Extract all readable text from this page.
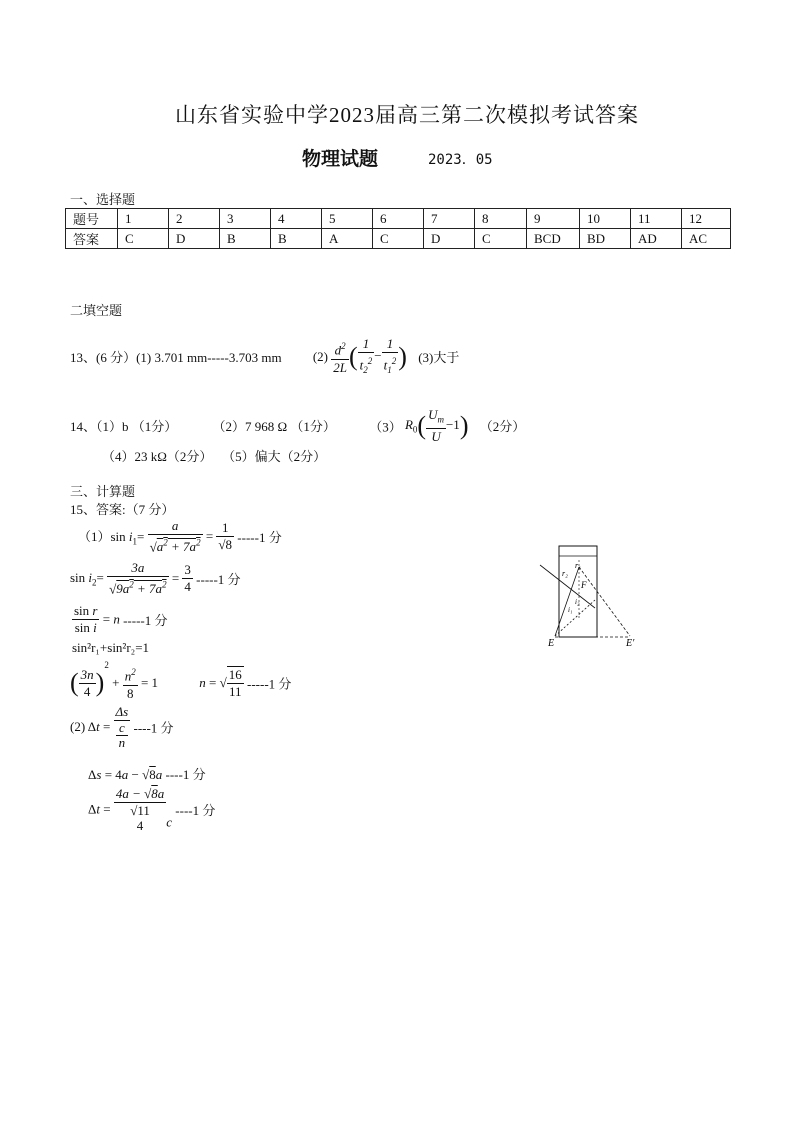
山东省实验中学2023届高三第二次模拟考试答案
物理试题	2023．05
一、选择题
题号	1	2	3	4	5	6	7	8	9	10	11	12
答案	C	D	B	B	A	C	D	C	BCD	BD	AD	AC
二填空题
13、(6 分）(1) 3.701 mm-----3.703 mm $(2) \frac{d^2}{2L}$ ( $\frac{1}{t_2^2} - \frac{1}{t_1^2}$ ) (3)大于
14、（1）b （1分）	（2）7 968 Ω （1分）	（3） $R_0( \frac{U_m}{U} -1)$ （2分）
（4）23 kΩ（2分）   （5）偏大（2分）
三、计算题
15、答案:（7 分）
（1）sin $i_1= \frac{a}{√a^2 + 7a^2} = \frac{1}{√8} -----1$ 分
$\sin i_2= \frac{3a}{√9a^2 + 7a^2} = \frac{3}{4} -----1$ 分
$\frac{\text{sin r}}{\text{sin i}} = n$ -----1 分
sin²r₁+sin²r₂=1
( $\frac{3n}{4} )^2 + \frac{n^2}{8} = 1$	n = √ $\frac{16}{11} -----1$ 分
(2) Δt = Δs
c
n ----1 分
Δs = 4a − √8a ----1 分
Δt =
4a − √8a
√11
4	c ----1 分
r₁
r₂
F
i₂
i₁
E	E′
